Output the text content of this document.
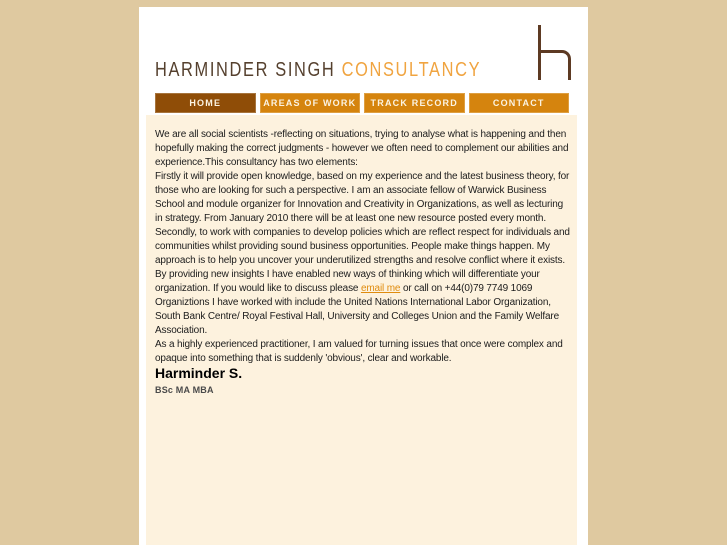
HARMINDER SINGH CONSULTANCY
HOME	AREAS OF WORK	TRACK RECORD	CONTACT

We are all social scientists -reflecting on situations, trying to analyse what is happening and then hopefully making the correct judgments - however we often need to complement our abilities and experience.This consultancy has two elements:

Firstly it will provide open knowledge, based on my experience and the latest business theory, for those who are looking for such a perspective. I am an associate fellow of Warwick Business School and module organizer for Innovation and Creativity in Organizations, as well as lecturing in strategy. From January 2010 there will be at least one new resource posted every month.

Secondly, to work with companies to develop policies which are reflect respect for individuals and communities whilst providing sound business opportunities. People make things happen. My approach is to help you uncover your underutilized strengths and resolve conflict where it exists.

By providing new insights I have enabled new ways of thinking which will differentiate your organization. If you would like to discuss please email me or call on +44(0)79 7749 1069

Organiztions I have worked with include the United Nations International Labor Organization, South Bank Centre/ Royal Festival Hall, University and Colleges Union and the Family Welfare Association.

As a highly experienced practitioner, I am valued for turning issues that once were complex and opaque into something that is suddenly 'obvious', clear and workable.

Harminder S.
BSc MA MBA
